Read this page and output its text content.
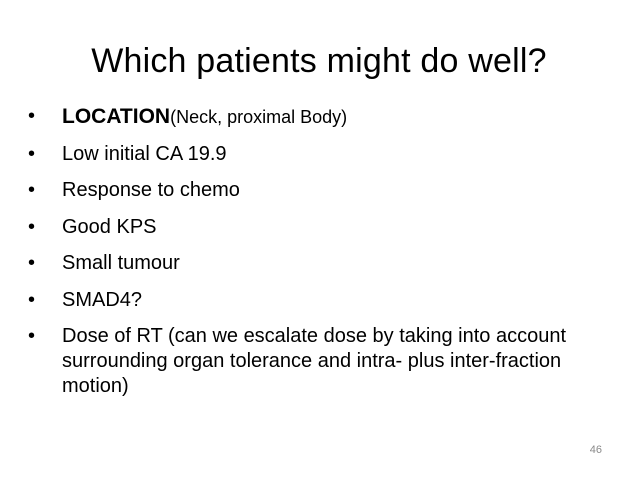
Which patients might do well?
•	LOCATION(Neck, proximal Body)
•	Low initial CA 19.9
•	Response to chemo
•	Good KPS
•	Small tumour
•	SMAD4?
•	Dose of RT (can we escalate dose by taking into account surrounding organ tolerance and intra- plus inter-fraction motion)
46
